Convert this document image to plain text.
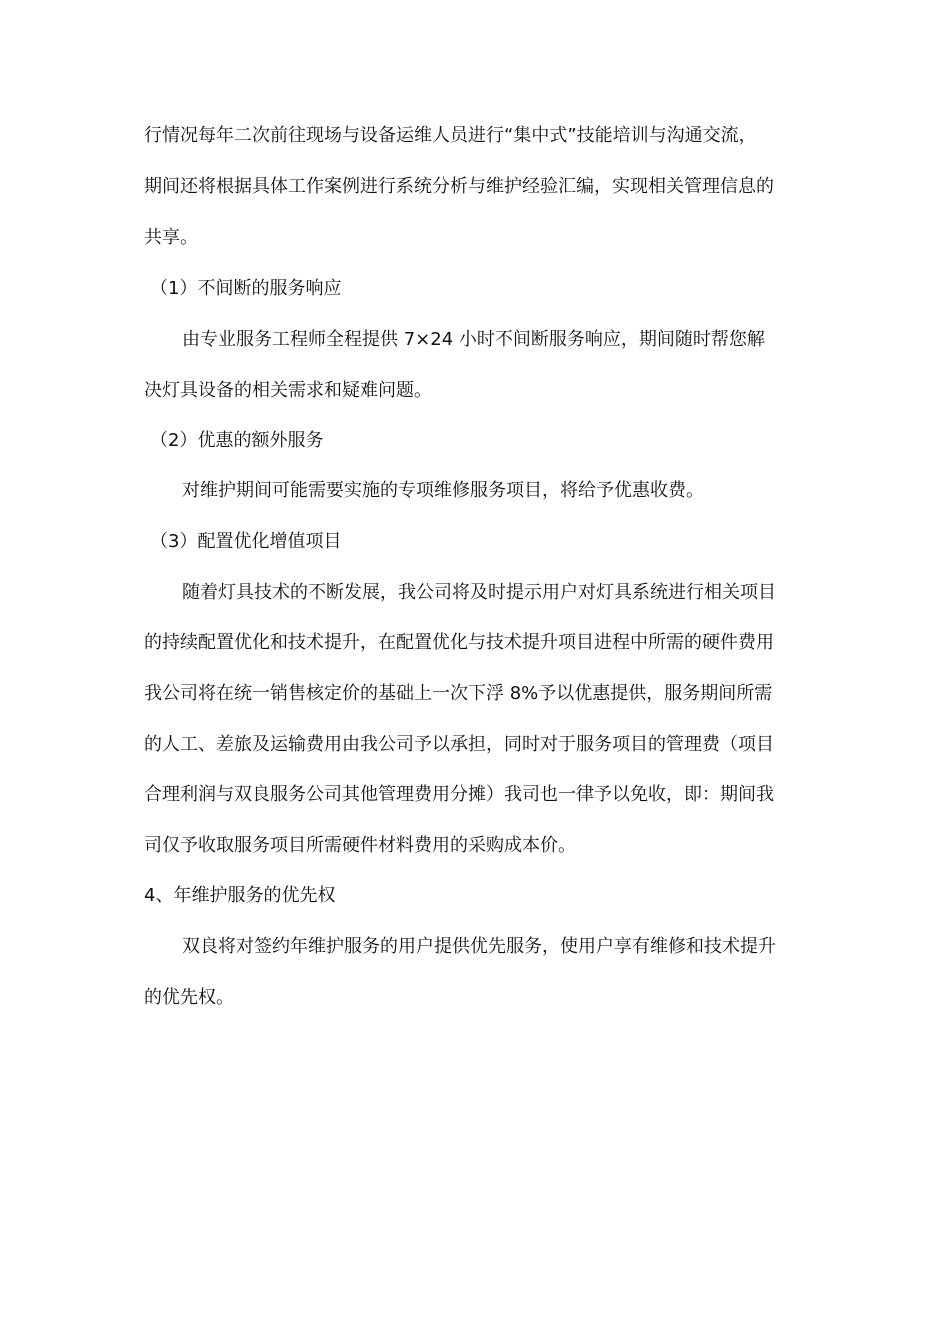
行情况每年二次前往现场与设备运维人员进行“集中式”技能培训与沟通交流，
期间还将根据具体工作案例进行系统分析与维护经验汇编，实现相关管理信息的
共享。
（1）不间断的服务响应
由专业服务工程师全程提供 7×24 小时不间断服务响应，期间随时帮您解
决灯具设备的相关需求和疑难问题。
（2）优惠的额外服务
对维护期间可能需要实施的专项维修服务项目，将给予优惠收费。
（3）配置优化增值项目
随着灯具技术的不断发展，我公司将及时提示用户对灯具系统进行相关项目
的持续配置优化和技术提升，在配置优化与技术提升项目进程中所需的硬件费用
我公司将在统一销售核定价的基础上一次下浮 8%予以优惠提供，服务期间所需
的人工、差旅及运输费用由我公司予以承担，同时对于服务项目的管理费（项目
合理利润与双良服务公司其他管理费用分摊）我司也一律予以免收，即：期间我
司仅予收取服务项目所需硬件材料费用的采购成本价。
4、年维护服务的优先权
双良将对签约年维护服务的用户提供优先服务，使用户享有维修和技术提升
的优先权。
